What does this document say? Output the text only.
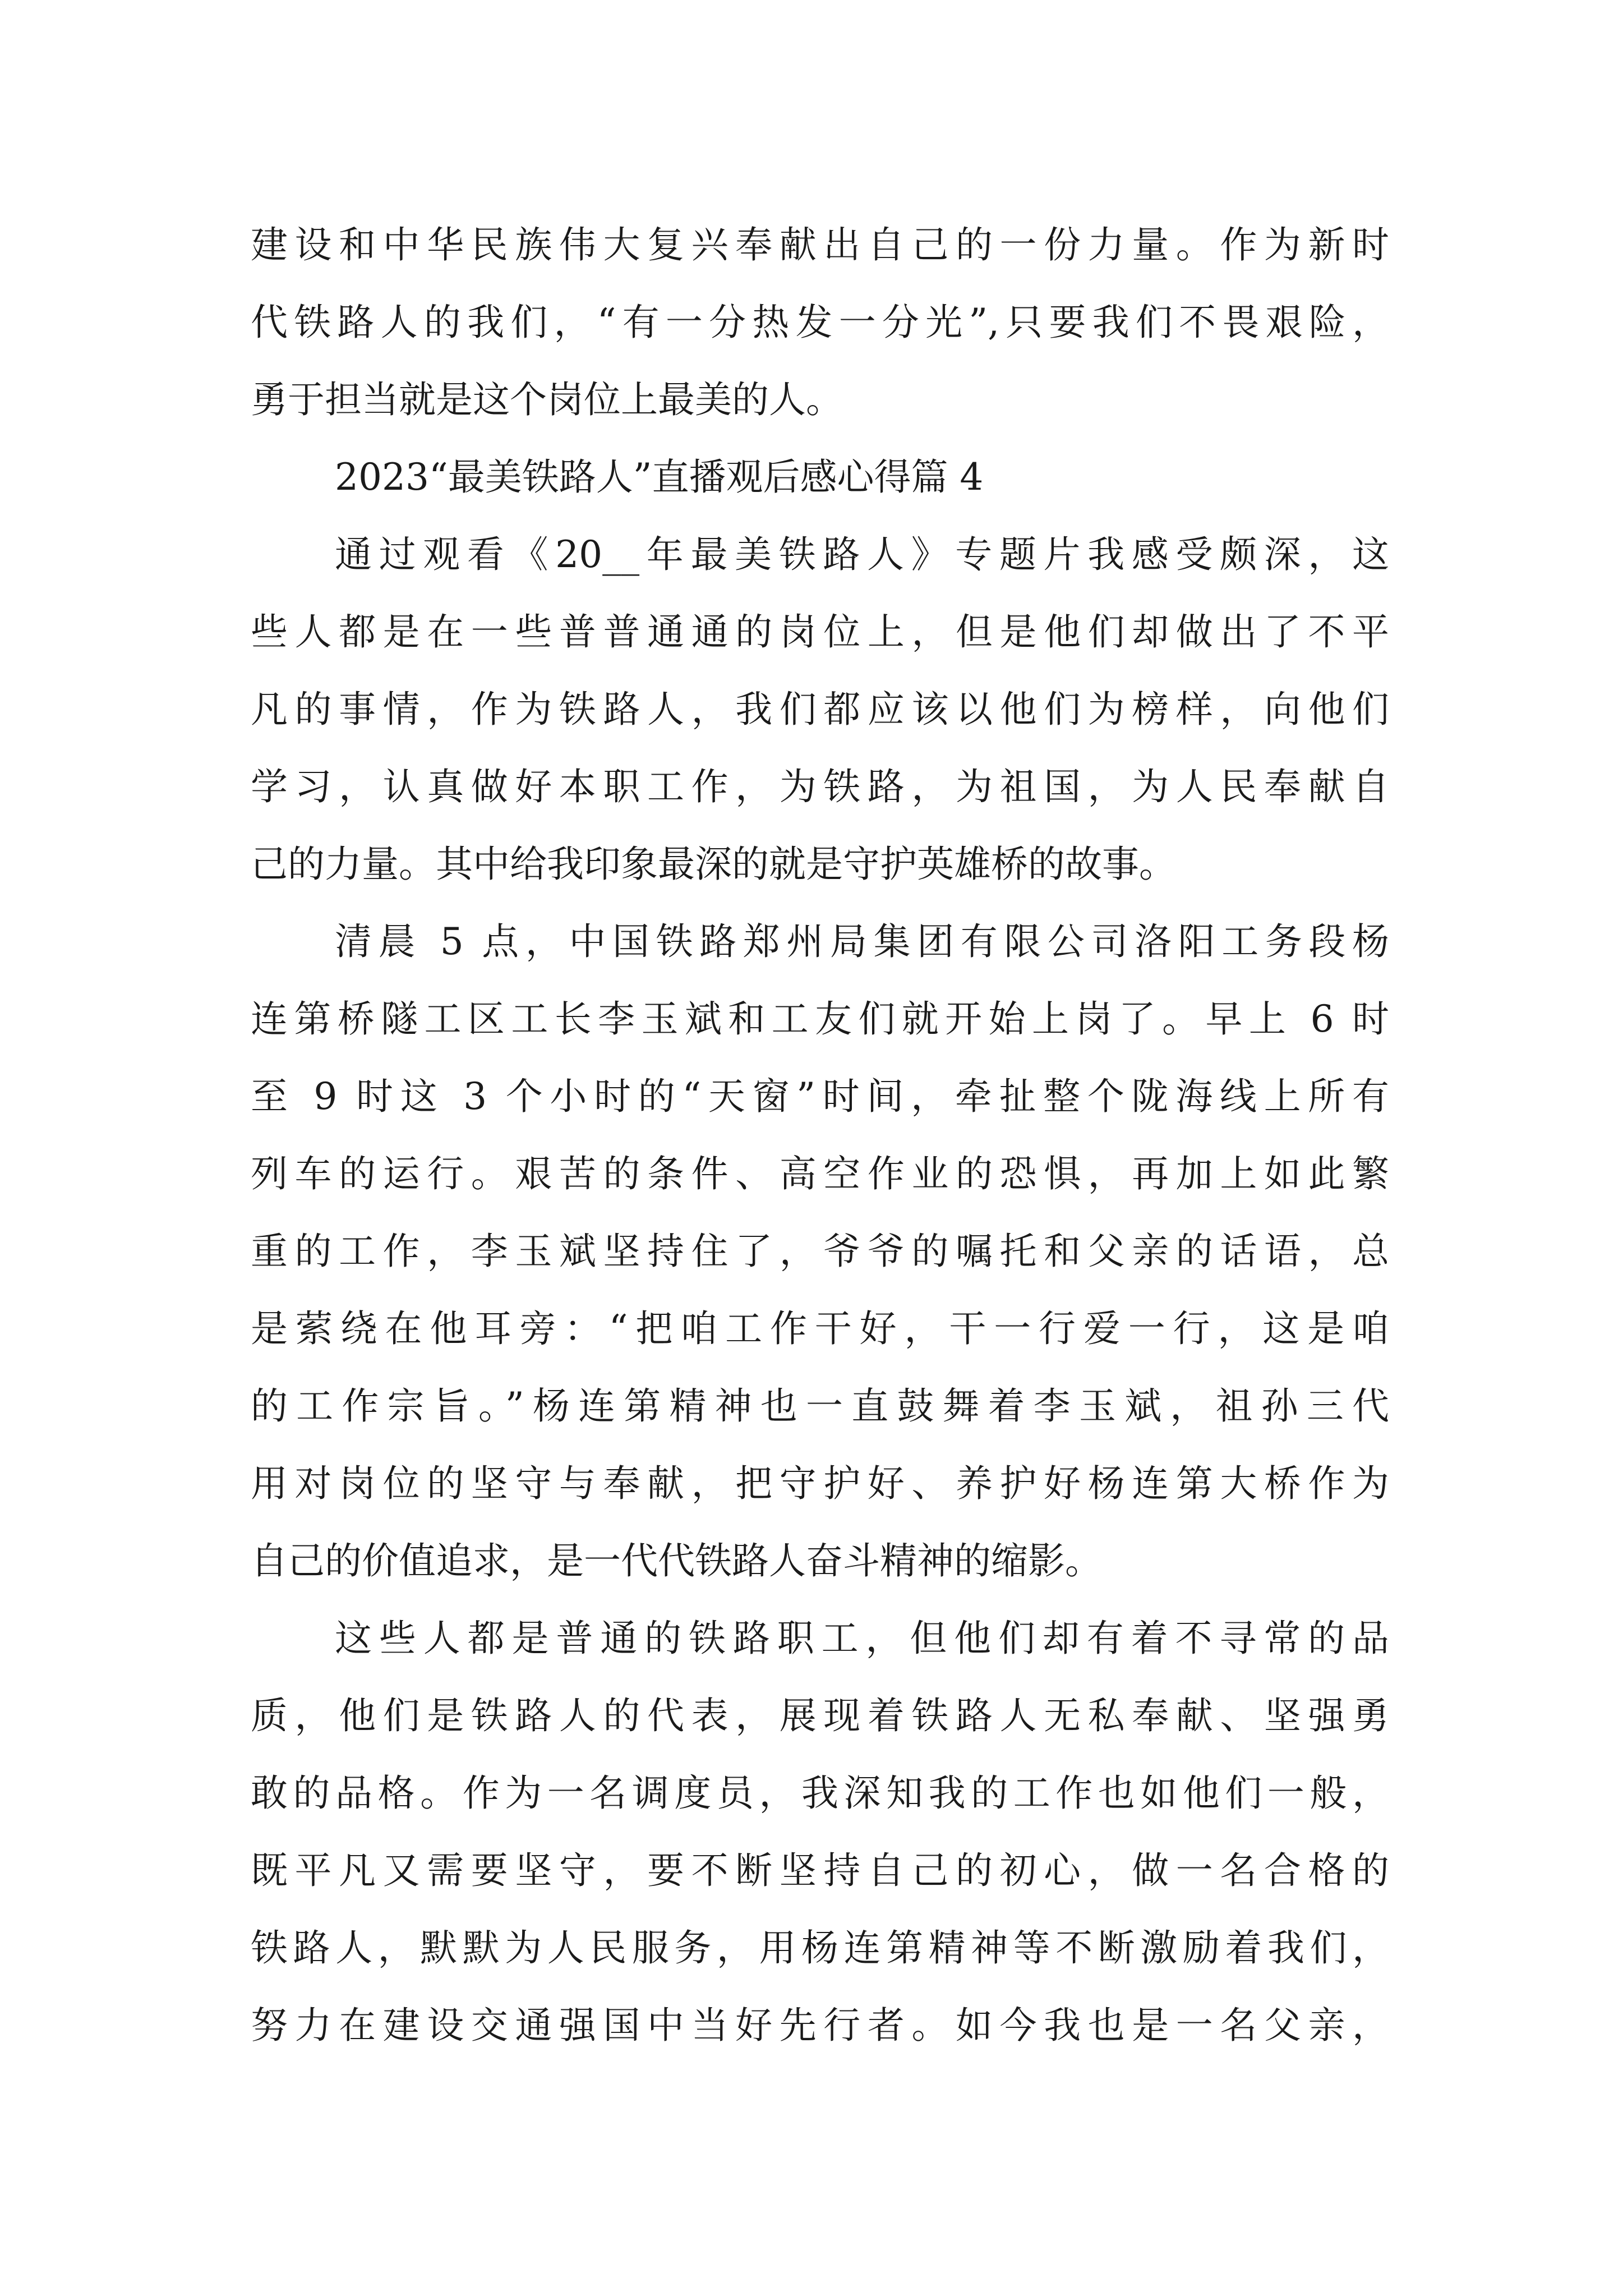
建设和中华民族伟大复兴奉献出自己的一份力量。作为新时
代铁路人的我们，“有一分热发一分光”,只要我们不畏艰险，
勇于担当就是这个岗位上最美的人。
2023“最美铁路人”直播观后感心得篇 4
通过观看《20__年最美铁路人》专题片我感受颇深，这
些人都是在一些普普通通的岗位上，但是他们却做出了不平
凡的事情，作为铁路人，我们都应该以他们为榜样，向他们
学习，认真做好本职工作，为铁路，为祖国，为人民奉献自
己的力量。其中给我印象最深的就是守护英雄桥的故事。
清晨 5 点，中国铁路郑州局集团有限公司洛阳工务段杨
连第桥隧工区工长李玉斌和工友们就开始上岗了。早上 6 时
至 9 时这 3 个小时的“天窗”时间，牵扯整个陇海线上所有
列车的运行。艰苦的条件、高空作业的恐惧，再加上如此繁
重的工作，李玉斌坚持住了，爷爷的嘱托和父亲的话语，总
是萦绕在他耳旁：“把咱工作干好，干一行爱一行，这是咱
的工作宗旨。”杨连第精神也一直鼓舞着李玉斌，祖孙三代
用对岗位的坚守与奉献，把守护好、养护好杨连第大桥作为
自己的价值追求，是一代代铁路人奋斗精神的缩影。
这些人都是普通的铁路职工，但他们却有着不寻常的品
质，他们是铁路人的代表，展现着铁路人无私奉献、坚强勇
敢的品格。作为一名调度员，我深知我的工作也如他们一般，
既平凡又需要坚守，要不断坚持自己的初心，做一名合格的
铁路人，默默为人民服务，用杨连第精神等不断激励着我们，
努力在建设交通强国中当好先行者。如今我也是一名父亲，
